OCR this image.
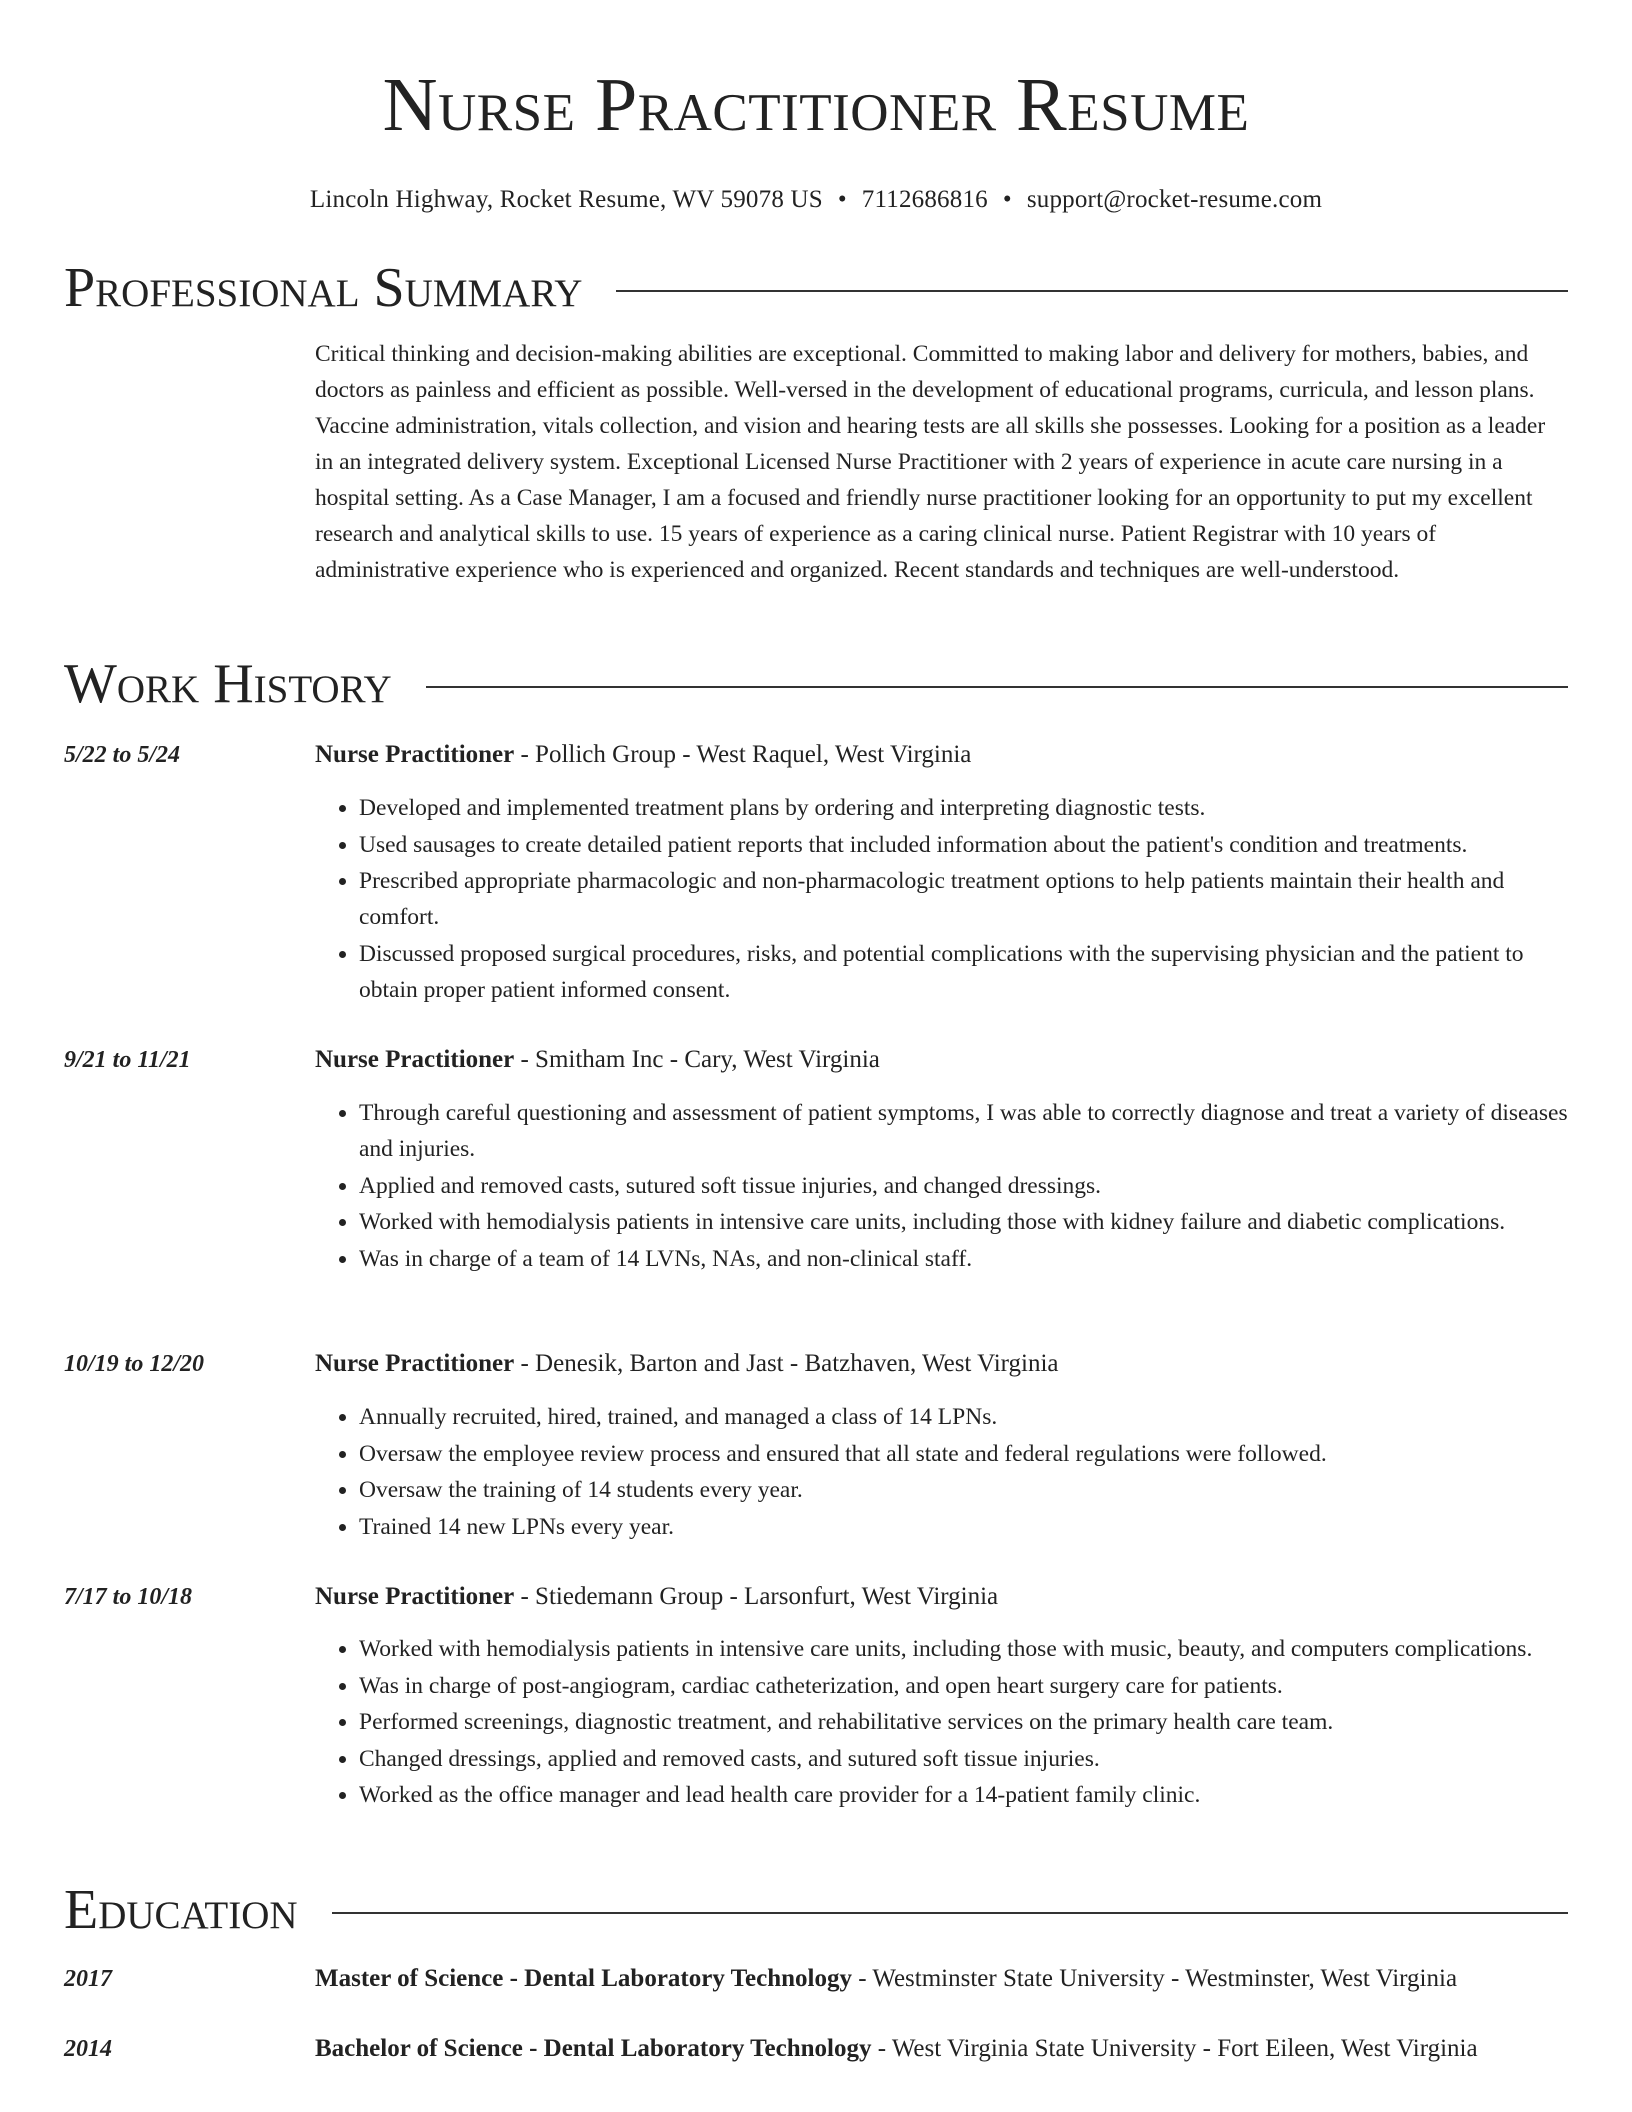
Nurse Practitioner Resume
Lincoln Highway, Rocket Resume, WV 59078 US • 7112686816 • support@rocket-resume.com
Professional Summary

Critical thinking and decision-making abilities are exceptional. Committed to making labor and delivery for mothers, babies, and doctors as painless and efficient as possible. Well-versed in the development of educational programs, curricula, and lesson plans. Vaccine administration, vitals collection, and vision and hearing tests are all skills she possesses. Looking for a position as a leader in an integrated delivery system. Exceptional Licensed Nurse Practitioner with 2 years of experience in acute care nursing in a hospital setting. As a Case Manager, I am a focused and friendly nurse practitioner looking for an opportunity to put my excellent research and analytical skills to use. 15 years of experience as a caring clinical nurse. Patient Registrar with 10 years of administrative experience who is experienced and organized. Recent standards and techniques are well-understood.

Work History
5/22 to 5/24	Nurse Practitioner - Pollich Group - West Raquel, West Virginia
• Developed and implemented treatment plans by ordering and interpreting diagnostic tests.
• Used sausages to create detailed patient reports that included information about the patient's condition and treatments.
• Prescribed appropriate pharmacologic and non-pharmacologic treatment options to help patients maintain their health and comfort.
• Discussed proposed surgical procedures, risks, and potential complications with the supervising physician and the patient to obtain proper patient informed consent.
9/21 to 11/21	Nurse Practitioner - Smitham Inc - Cary, West Virginia
• Through careful questioning and assessment of patient symptoms, I was able to correctly diagnose and treat a variety of diseases and injuries.
• Applied and removed casts, sutured soft tissue injuries, and changed dressings.
• Worked with hemodialysis patients in intensive care units, including those with kidney failure and diabetic complications.
• Was in charge of a team of 14 LVNs, NAs, and non-clinical staff.
10/19 to 12/20	Nurse Practitioner - Denesik, Barton and Jast - Batzhaven, West Virginia
• Annually recruited, hired, trained, and managed a class of 14 LPNs.
• Oversaw the employee review process and ensured that all state and federal regulations were followed.
• Oversaw the training of 14 students every year.
• Trained 14 new LPNs every year.
7/17 to 10/18	Nurse Practitioner - Stiedemann Group - Larsonfurt, West Virginia
• Worked with hemodialysis patients in intensive care units, including those with music, beauty, and computers complications.
• Was in charge of post-angiogram, cardiac catheterization, and open heart surgery care for patients.
• Performed screenings, diagnostic treatment, and rehabilitative services on the primary health care team.
• Changed dressings, applied and removed casts, and sutured soft tissue injuries.
• Worked as the office manager and lead health care provider for a 14-patient family clinic.
Education
2017	Master of Science - Dental Laboratory Technology - Westminster State University - Westminster, West Virginia
2014	Bachelor of Science - Dental Laboratory Technology - West Virginia State University - Fort Eileen, West Virginia
